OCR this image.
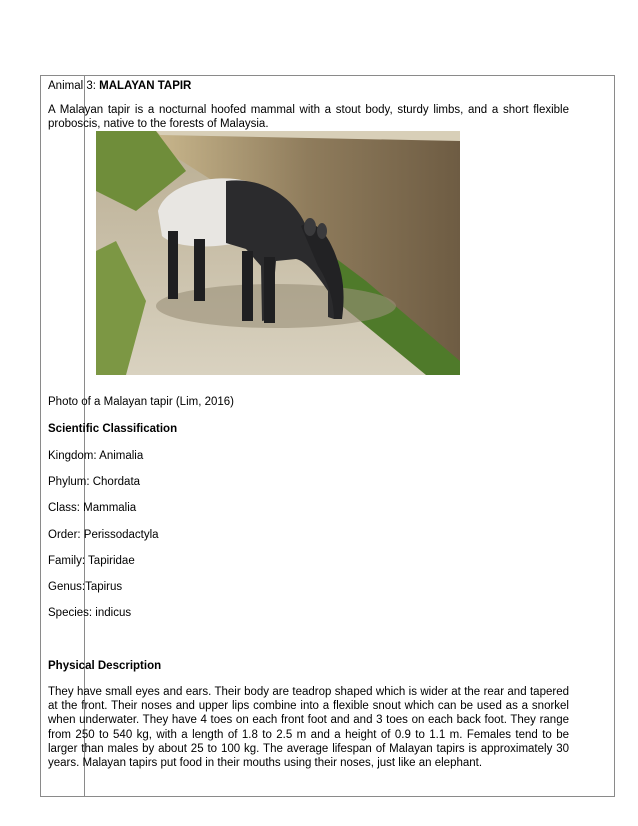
Animal 3: MALAYAN TAPIR
A Malayan tapir is a nocturnal hoofed mammal with a stout body, sturdy limbs, and a short flexible proboscis, native to the forests of Malaysia.
Photo of a Malayan tapir (Lim, 2016)
Scientific Classification
Kingdom: Animalia
Phylum: Chordata
Class: Mammalia
Order: Perissodactyla
Family: Tapiridae
Genus:Tapirus
Species: indicus
Physical Description
They have small eyes and ears. Their body are teadrop shaped which is wider at the rear and tapered at the front. Their noses and upper lips combine into a flexible snout which can be used as a snorkel when underwater. They have 4 toes on each front foot and and 3 toes on each back foot. They range from 250 to 540 kg, with a length of 1.8 to 2.5 m and a height of 0.9 to 1.1 m. Females tend to be larger than males by about 25 to 100 kg. The average lifespan of Malayan tapirs is approximately 30 years. Malayan tapirs put food in their mouths using their noses, just like an elephant.
